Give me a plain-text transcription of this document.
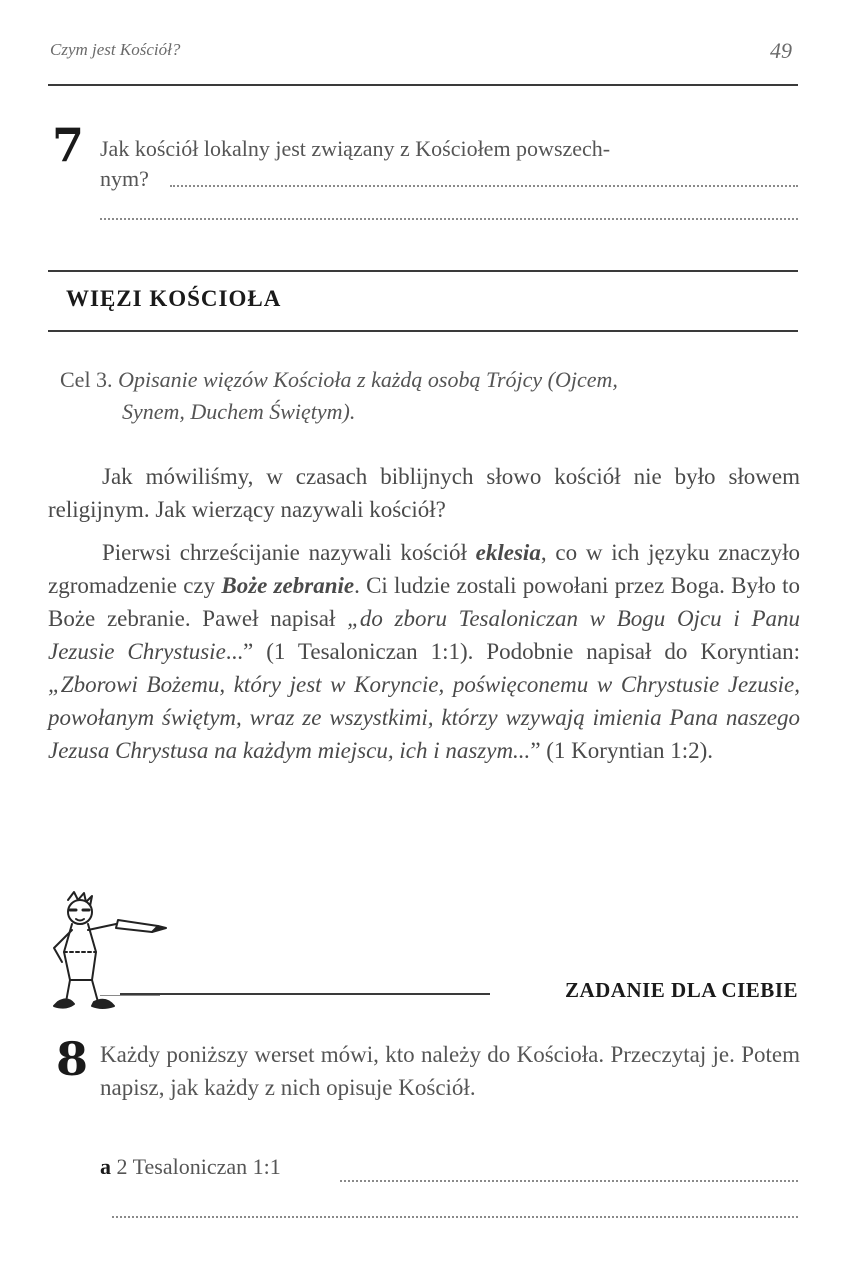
Czym jest Kościół?	49
7 Jak kościół lokalny jest związany z Kościołem powszech-
nym?
WIĘZI KOŚCIOŁA
Cel 3. Opisanie więzów Kościoła z każdą osobą Trójcy (Ojcem,
Synem, Duchem Świętym).

Jak mówiliśmy, w czasach biblijnych słowo kościół nie było słowem religijnym. Jak wierzący nazywali kościół?

Pierwsi chrześcijanie nazywali kościół eklesia, co w ich języku znaczyło zgromadzenie czy Boże zebranie. Ci ludzie zostali powołani przez Boga. Było to Boże zebranie. Paweł napisał „do zboru Tesaloniczan w Bogu Ojcu i Panu Jezusie Chrystusie...” (1 Tesaloniczan 1:1). Podobnie napisał do Koryntian: „Zborowi Bożemu, który jest w Koryncie, poświęconemu w Chrystusie Jezusie, powołanym świętym, wraz ze wszystkimi, którzy wzywają imienia Pana naszego Jezusa Chrystusa na każdym miejscu, ich i naszym...” (1 Koryntian 1:2).

ZADANIE DLA CIEBIE
8 Każdy poniższy werset mówi, kto należy do Kościoła. Przeczytaj je. Potem napisz, jak każdy z nich opisuje Kościół.
a 2 Tesaloniczan 1:1
